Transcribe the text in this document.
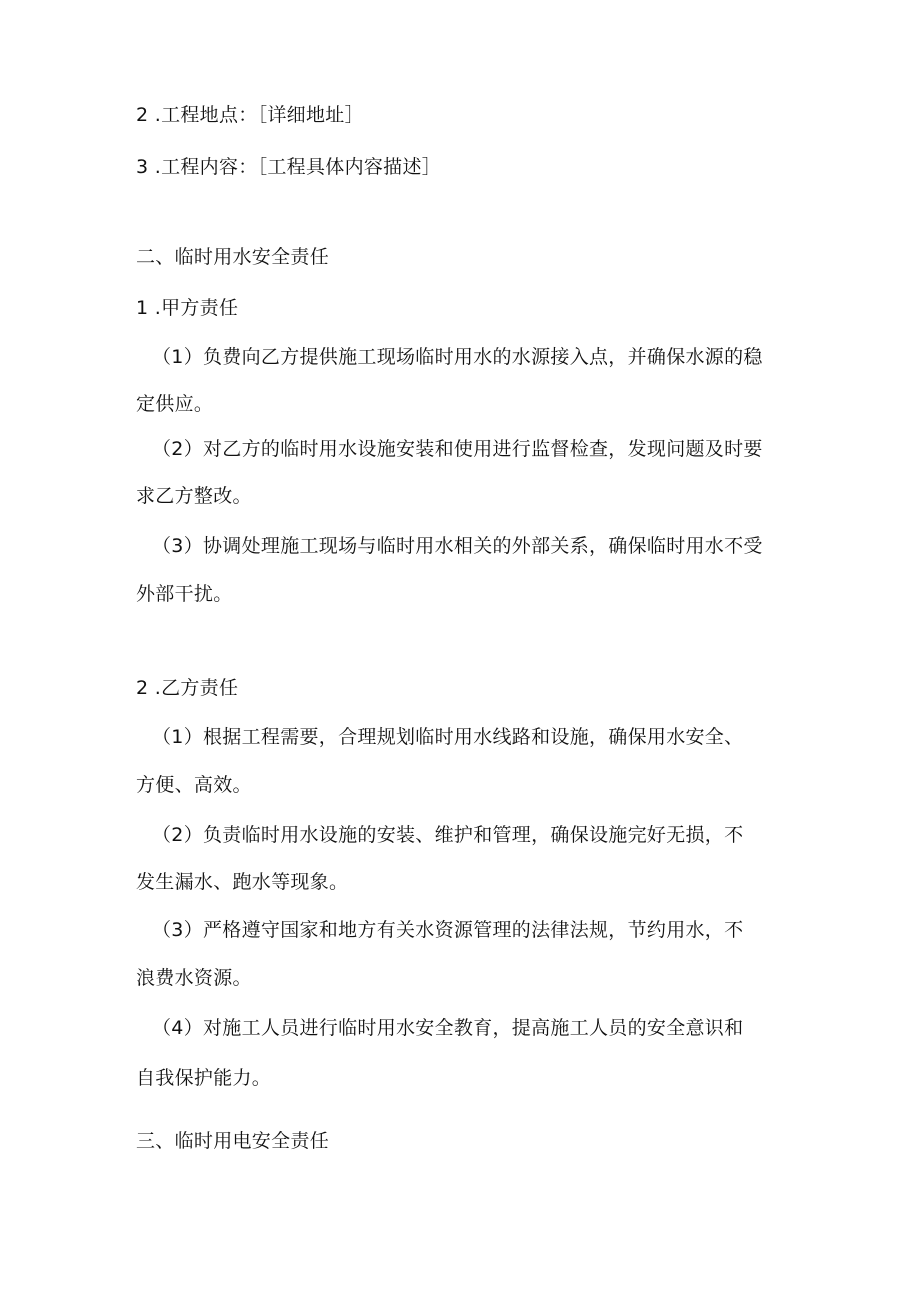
2 .工程地点：［详细地址］
3 .工程内容：［工程具体内容描述］
二、临时用水安全责任
1 .甲方责任
（1）负费向乙方提供施工现场临时用水的水源接入点，并确保水源的稳
定供应。
（2）对乙方的临时用水设施安装和使用进行监督检查，发现问题及时要
求乙方整改。
（3）协调处理施工现场与临时用水相关的外部关系，确保临时用水不受
外部干扰。
2 .乙方责任
（1）根据工程需要，合理规划临时用水线路和设施，确保用水安全、
方便、高效。
（2）负责临时用水设施的安装、维护和管理，确保设施完好无损，不
发生漏水、跑水等现象。
（3）严格遵守国家和地方有关水资源管理的法律法规，节约用水，不
浪费水资源。
（4）对施工人员进行临时用水安全教育，提高施工人员的安全意识和
自我保护能力。
三、临时用电安全责任
